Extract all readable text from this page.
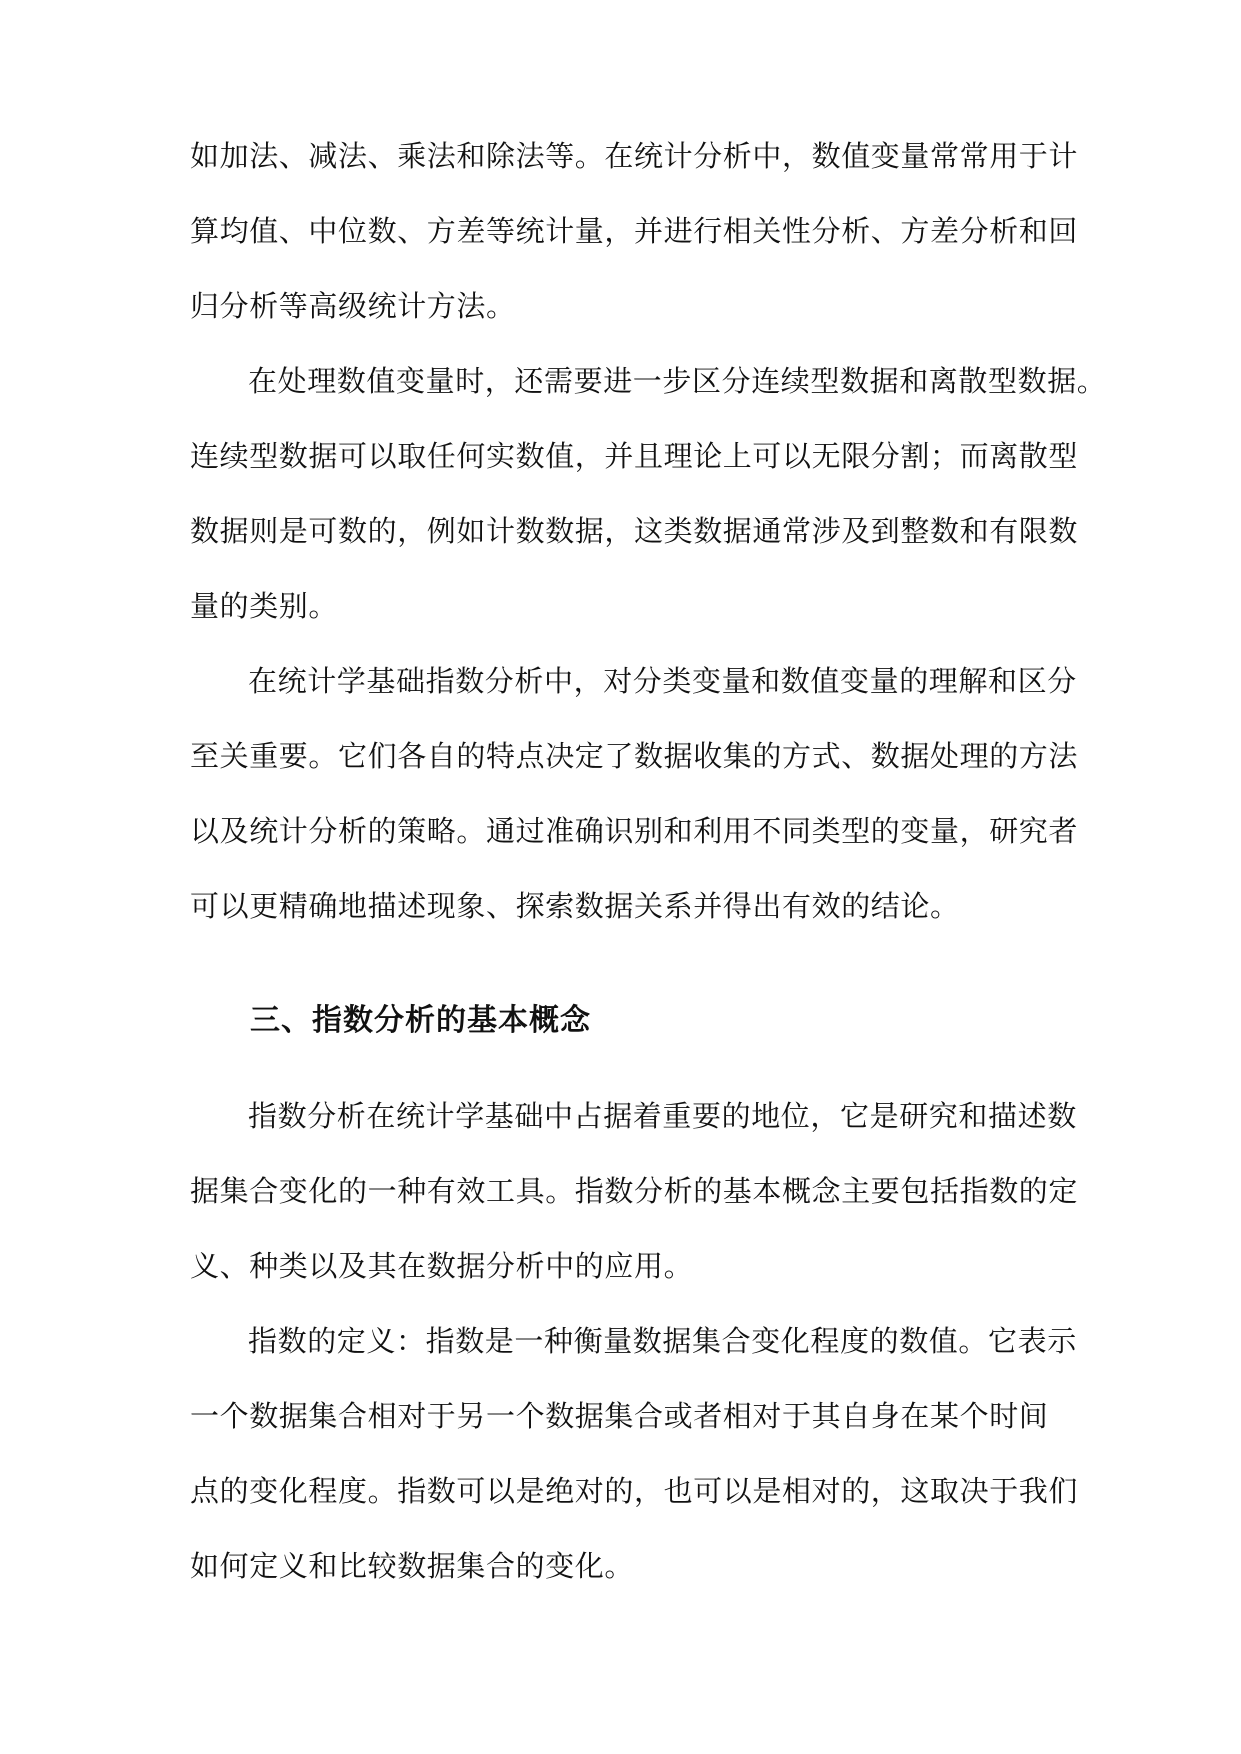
如加法、减法、乘法和除法等。在统计分析中，数值变量常常用于计
算均值、中位数、方差等统计量，并进行相关性分析、方差分析和回
归分析等高级统计方法。
在处理数值变量时，还需要进一步区分连续型数据和离散型数据。
连续型数据可以取任何实数值，并且理论上可以无限分割；而离散型
数据则是可数的，例如计数数据，这类数据通常涉及到整数和有限数
量的类别。
在统计学基础指数分析中，对分类变量和数值变量的理解和区分
至关重要。它们各自的特点决定了数据收集的方式、数据处理的方法
以及统计分析的策略。通过准确识别和利用不同类型的变量，研究者
可以更精确地描述现象、探索数据关系并得出有效的结论。
三、指数分析的基本概念
指数分析在统计学基础中占据着重要的地位，它是研究和描述数
据集合变化的一种有效工具。指数分析的基本概念主要包括指数的定
义、种类以及其在数据分析中的应用。
指数的定义：指数是一种衡量数据集合变化程度的数值。它表示
一个数据集合相对于另一个数据集合或者相对于其自身在某个时间
点的变化程度。指数可以是绝对的，也可以是相对的，这取决于我们
如何定义和比较数据集合的变化。
